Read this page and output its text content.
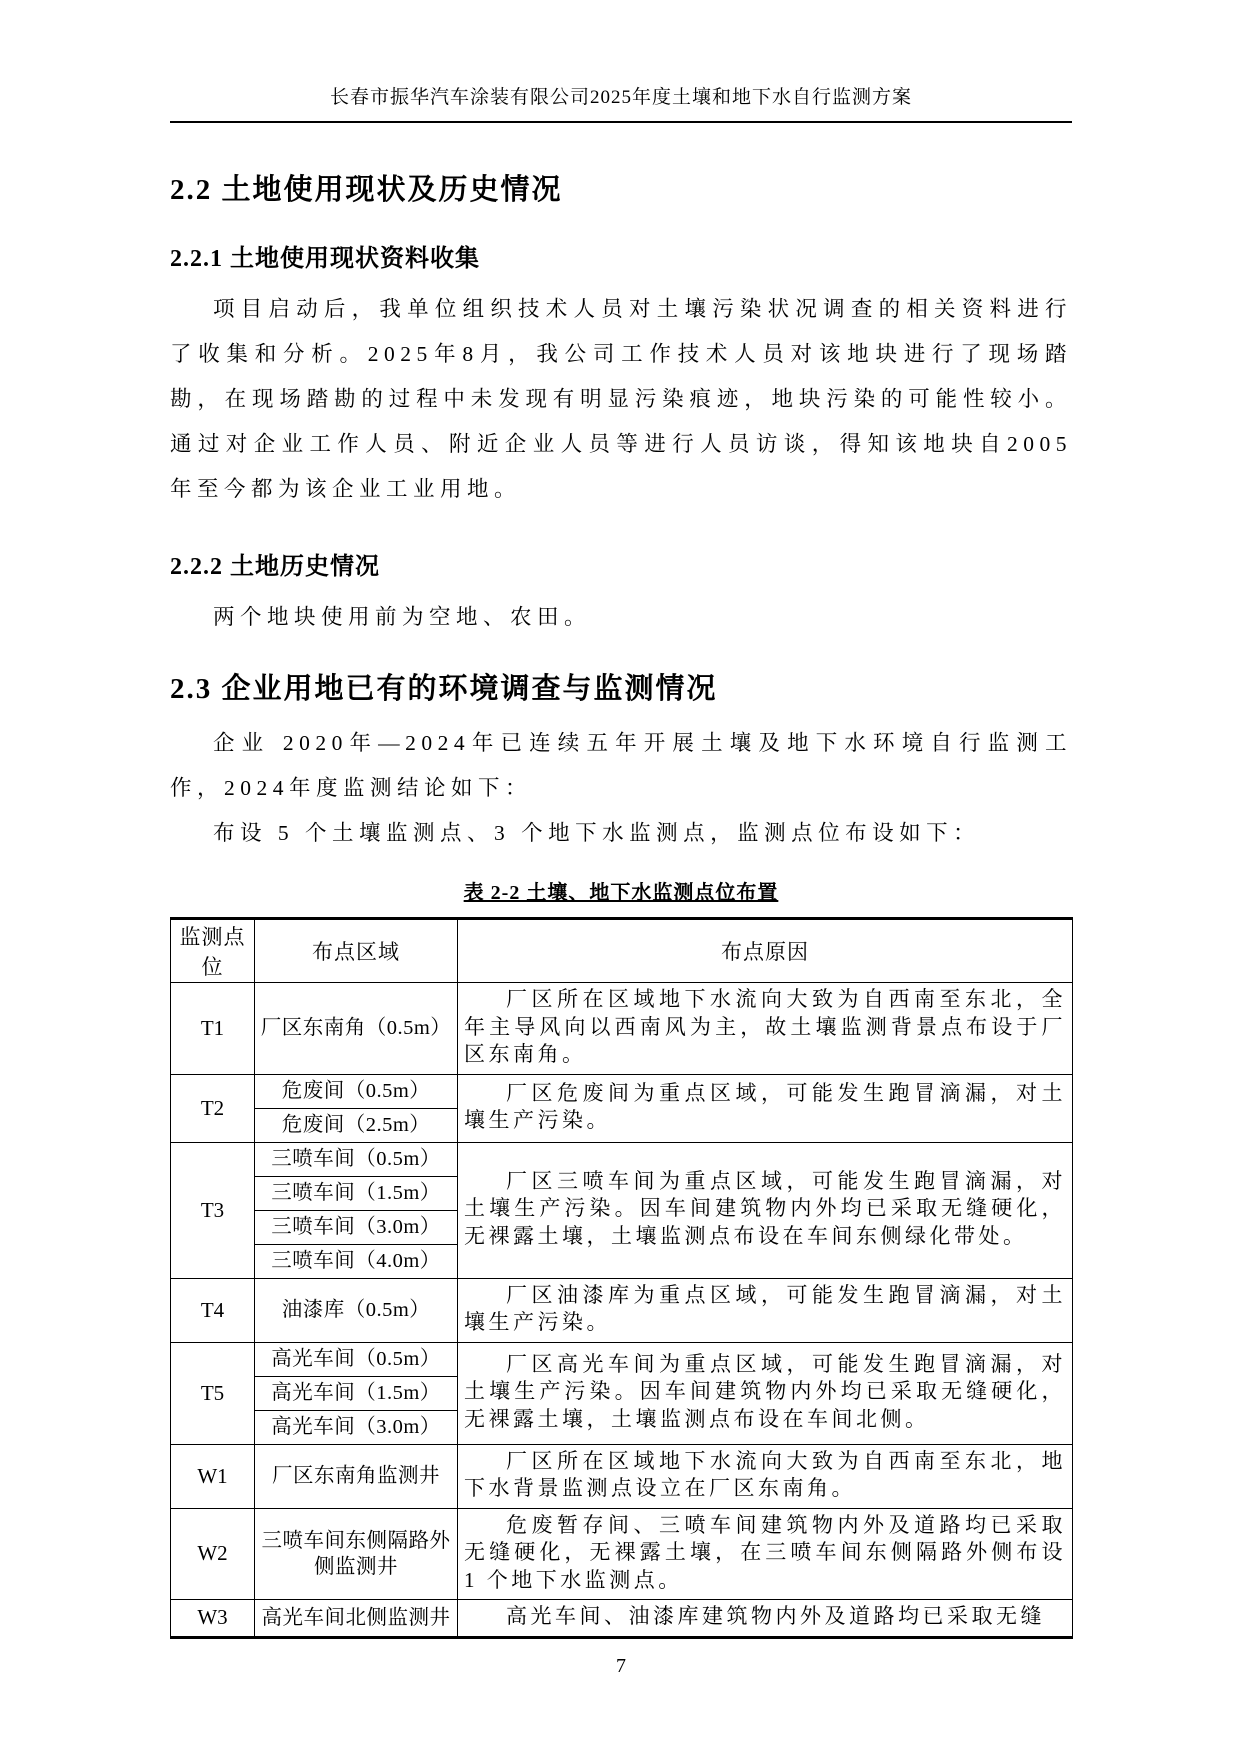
长春市振华汽车涂装有限公司2025年度土壤和地下水自行监测方案
2.2 土地使用现状及历史情况
2.2.1 土地使用现状资料收集

项目启动后，我单位组织技术人员对土壤污染状况调查的相关资料进行了收集和分析。2025年8月，我公司工作技术人员对该地块进行了现场踏勘，在现场踏勘的过程中未发现有明显污染痕迹，地块污染的可能性较小。通过对企业工作人员、附近企业人员等进行人员访谈，得知该地块自2005 年至今都为该企业工业用地。

2.2.2 土地历史情况

两个地块使用前为空地、农田。

2.3 企业用地已有的环境调查与监测情况

企业 2020年—2024年已连续五年开展土壤及地下水环境自行监测工作，2024年度监测结论如下：

布设 5 个土壤监测点、3 个地下水监测点，监测点位布设如下：

表 2-2 土壤、地下水监测点位布置
监测点位	布点区域	布点原因
T1	厂区东南角（0.5m）	厂区所在区域地下水流向大致为自西南至东北，全年主导风向以西南风为主，故土壤监测背景点布设于厂区东南角。

T2	危废间（0.5m）	厂区危废间为重点区域，可能发生跑冒滴漏，对土壤生产污染。

	危废间（2.5m）	
T3	三喷车间（0.5m）	厂区三喷车间为重点区域，可能发生跑冒滴漏，对土壤生产污染。因车间建筑物内外均已采取无缝硬化，无裸露土壤，土壤监测点布设在车间东侧绿化带处。

	三喷车间（1.5m）	
	三喷车间（3.0m）	
	三喷车间（4.0m）	
T4	油漆库（0.5m）	厂区油漆库为重点区域，可能发生跑冒滴漏，对土壤生产污染。

T5	高光车间（0.5m）	厂区高光车间为重点区域，可能发生跑冒滴漏，对土壤生产污染。因车间建筑物内外均已采取无缝硬化，无裸露土壤，土壤监测点布设在车间北侧。

	高光车间（1.5m）	
	高光车间（3.0m）	
W1	厂区东南角监测井	厂区所在区域地下水流向大致为自西南至东北，地下水背景监测点设立在厂区东南角。

W2	三喷车间东侧隔路外侧监测井	危废暂存间、三喷车间建筑物内外及道路均已采取无缝硬化，无裸露土壤，在三喷车间东侧隔路外侧布设 1 个地下水监测点。

W3	高光车间北侧监测井	高光车间、油漆库建筑物内外及道路均已采取无缝
7
